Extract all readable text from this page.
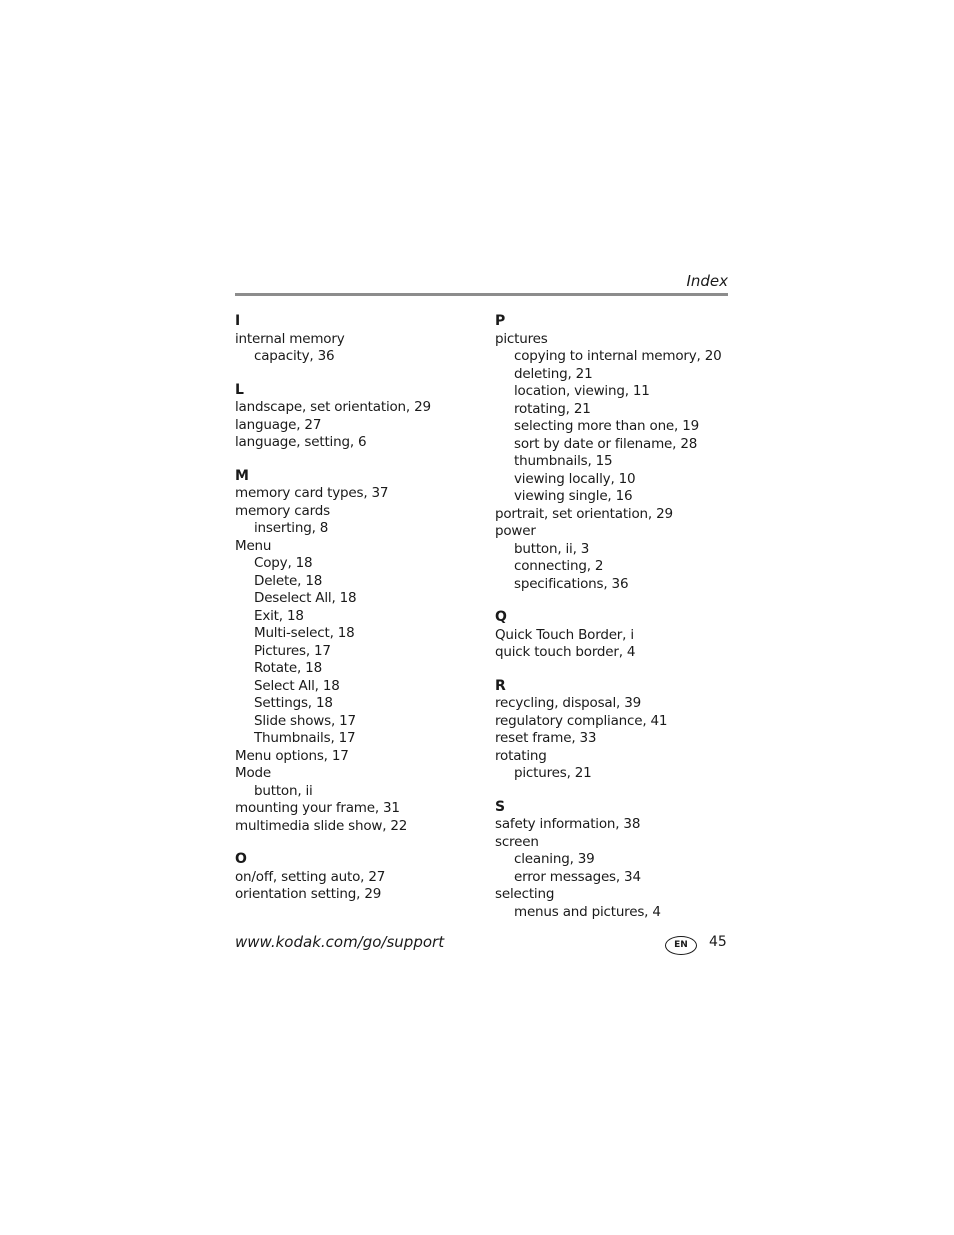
Index
I
internal memory
capacity, 36
L
landscape, set orientation, 29
language, 27
language, setting, 6
M
memory card types, 37
memory cards
inserting, 8
Menu
Copy, 18
Delete, 18
Deselect All, 18
Exit, 18
Multi-select, 18
Pictures, 17
Rotate, 18
Select All, 18
Settings, 18
Slide shows, 17
Thumbnails, 17
Menu options, 17
Mode
button, ii
mounting your frame, 31
multimedia slide show, 22
O
on/off, setting auto, 27
orientation setting, 29
P
pictures
copying to internal memory, 20
deleting, 21
location, viewing, 11
rotating, 21
selecting more than one, 19
sort by date or filename, 28
thumbnails, 15
viewing locally, 10
viewing single, 16
portrait, set orientation, 29
power
button, ii, 3
connecting, 2
specifications, 36
Q
Quick Touch Border, i
quick touch border, 4
R
recycling, disposal, 39
regulatory compliance, 41
reset frame, 33
rotating
pictures, 21
S
safety information, 38
screen
cleaning, 39
error messages, 34
selecting
menus and pictures, 4
www.kodak.com/go/support	EN	45
